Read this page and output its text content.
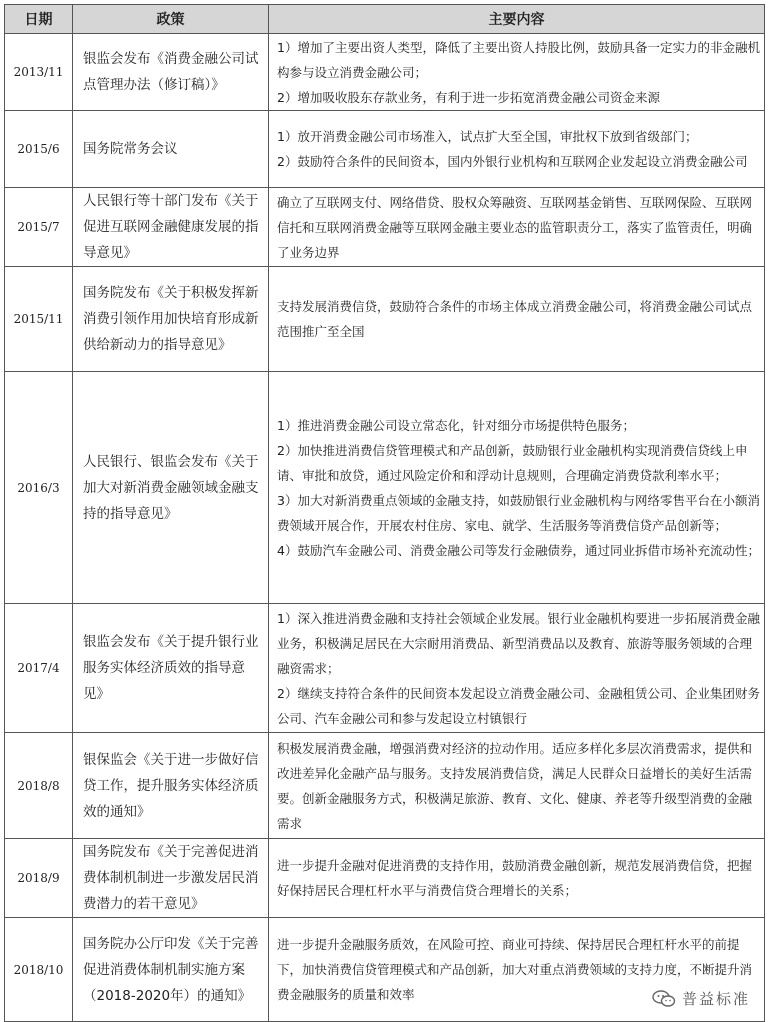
日期	政策	主要内容
2013/11	银监会发布《消费金融公司试点管理办法（修订稿）》	1）增加了主要出资人类型，降低了主要出资人持股比例，鼓励具备一定实力的非金融机构参与设立消费金融公司；
2）增加吸收股东存款业务，有利于进一步拓宽消费金融公司资金来源

2015/6	国务院常务会议	1）放开消费金融公司市场准入，试点扩大至全国，审批权下放到省级部门；
2）鼓励符合条件的民间资本，国内外银行业机构和互联网企业发起设立消费金融公司

2015/7	人民银行等十部门发布《关于促进互联网金融健康发展的指导意见》	确立了互联网支付、网络借贷、股权众筹融资、互联网基金销售、互联网保险、互联网信托和互联网消费金融等互联网金融主要业态的监管职责分工，落实了监管责任，明确了业务边界

2015/11	国务院发布《关于积极发挥新消费引领作用加快培育形成新供给新动力的指导意见》	支持发展消费信贷，鼓励符合条件的市场主体成立消费金融公司，将消费金融公司试点范围推广至全国

2016/3	人民银行、银监会发布《关于加大对新消费金融领域金融支持的指导意见》	1）推进消费金融公司设立常态化，针对细分市场提供特色服务；
2）加快推进消费信贷管理模式和产品创新，鼓励银行业金融机构实现消费信贷线上申请、审批和放贷，通过风险定价和和浮动计息规则，合理确定消费贷款利率水平；
3）加大对新消费重点领域的金融支持，如鼓励银行业金融机构与网络零售平台在小额消费领域开展合作，开展农村住房、家电、就学、生活服务等消费信贷产品创新等；
4）鼓励汽车金融公司、消费金融公司等发行金融债券，通过同业拆借市场补充流动性；

2017/4	银监会发布《关于提升银行业服务实体经济质效的指导意见》	1）深入推进消费金融和支持社会领域企业发展。银行业金融机构要进一步拓展消费金融业务，积极满足居民在大宗耐用消费品、新型消费品以及教育、旅游等服务领域的合理融资需求；
2）继续支持符合条件的民间资本发起设立消费金融公司、金融租赁公司、企业集团财务公司、汽车金融公司和参与发起设立村镇银行

2018/8	银保监会《关于进一步做好信贷工作，提升服务实体经济质效的通知》	积极发展消费金融，增强消费对经济的拉动作用。适应多样化多层次消费需求，提供和改进差异化金融产品与服务。支持发展消费信贷，满足人民群众日益增长的美好生活需要。创新金融服务方式，积极满足旅游、教育、文化、健康、养老等升级型消费的金融需求

2018/9	国务院发布《关于完善促进消费体制机制进一步激发居民消费潜力的若干意见》	进一步提升金融对促进消费的支持作用，鼓励消费金融创新，规范发展消费信贷，把握好保持居民合理杠杆水平与消费信贷合理增长的关系；

2018/10	国务院办公厅印发《关于完善促进消费体制机制实施方案（2018-2020年）的通知》	进一步提升金融服务质效，在风险可控、商业可持续、保持居民合理杠杆水平的前提下，加快消费信贷管理模式和产品创新，加大对重点消费领域的支持力度，不断提升消费金融服务的质量和效率	普益标准
